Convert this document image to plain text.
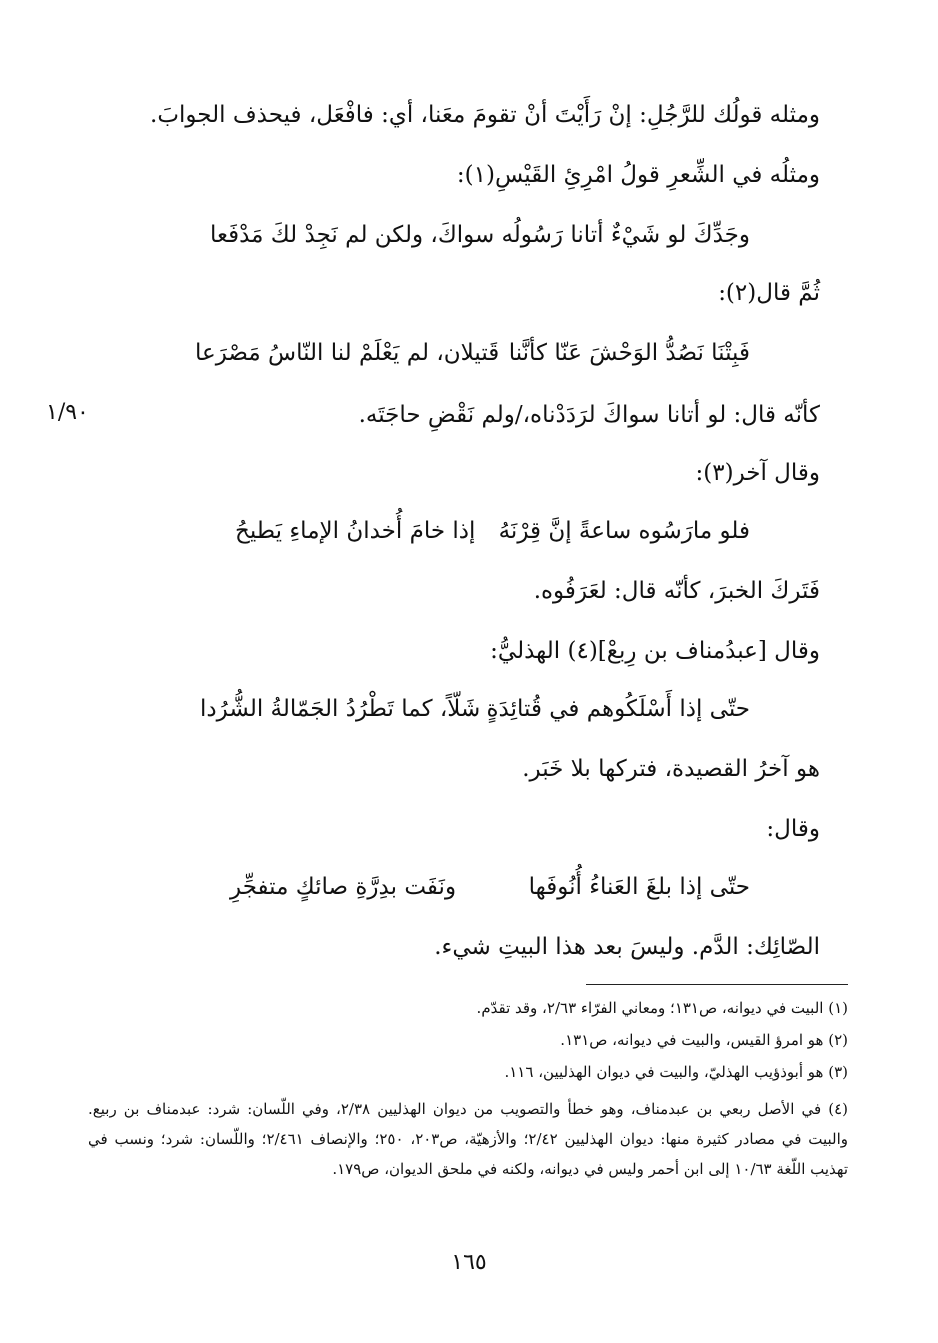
ومثله قولُك للرَّجُلِ: إنْ رَأَيْتَ أنْ تقومَ معَنا، أي: فافْعَل، فيحذف الجوابَ.
ومثلُه في الشِّعرِ قولُ امْرِئِ القَيْسِ(١):
وجَدِّكَ لو شَيْءٌ أتانا رَسُولُه
سواكَ، ولكن لم نَجِدْ لكَ مَدْفَعا
ثُمَّ قال(٢):
فَبِتْنَا نَصُدُّ الوَحْشَ عَنّا كأنَّنا
قَتيلان، لم يَعْلَمْ لنا النّاسُ مَصْرَعا
كأنّه قال: لو أتانا سواكَ لرَدَدْناه،/ولم نَقْضِ حاجَتَه.
١/٩٠
وقال آخر(٣):
فلو مارَسُوه ساعةً إنَّ قِرْنَهُ
إذا خامَ أُخدانُ الإماءِ يَطيحُ
فَتَركَ الخبرَ، كأنّه قال: لعَرَفُوه.
وقال [عبدُمناف بن رِبعْ](٤) الهذليُّ:
حتّى إذا أَسْلَكُوهم في قُتائِدَةٍ
شَلّاً، كما تَطْرُدُ الجَمّالةُ الشُّرُدا
هو آخرُ القصيدة، فتركها بلا خَبَر.
وقال:
حتّى إذا بلغَ العَناءُ أُنُوفَها
ونَفَت بدِرَّةِ صائكٍ متفجِّرِ
الصّائِك: الدَّم. وليسَ بعد هذا البيتِ شيء.
(١) البيت في ديوانه، ص١٣١؛ ومعاني الفرّاء ٢/٦٣، وقد تقدّم.
(٢) هو امرؤ القيس، والبيت في ديوانه، ص١٣١.
(٣) هو أبوذؤيب الهذليّ، والبيت في ديوان الهذليين، ١١٦.
(٤) في الأصل ربعي بن عبدمناف، وهو خطأ والتصويب من ديوان الهذليين ٢/٣٨، وفي اللّسان: شرد: عبدمناف بن ربيع. والبيت في مصادر كثيرة منها: ديوان الهذليين ٢/٤٢؛ والأزهيّة، ص٢٠٣، ٢٥٠؛ والإنصاف ٢/٤٦١؛ واللّسان: شرد؛ ونسب في تهذيب اللّغة ١٠/٦٣ إلى ابن أحمر وليس في ديوانه، ولكنه في ملحق الديوان، ص١٧٩.
١٦٥
